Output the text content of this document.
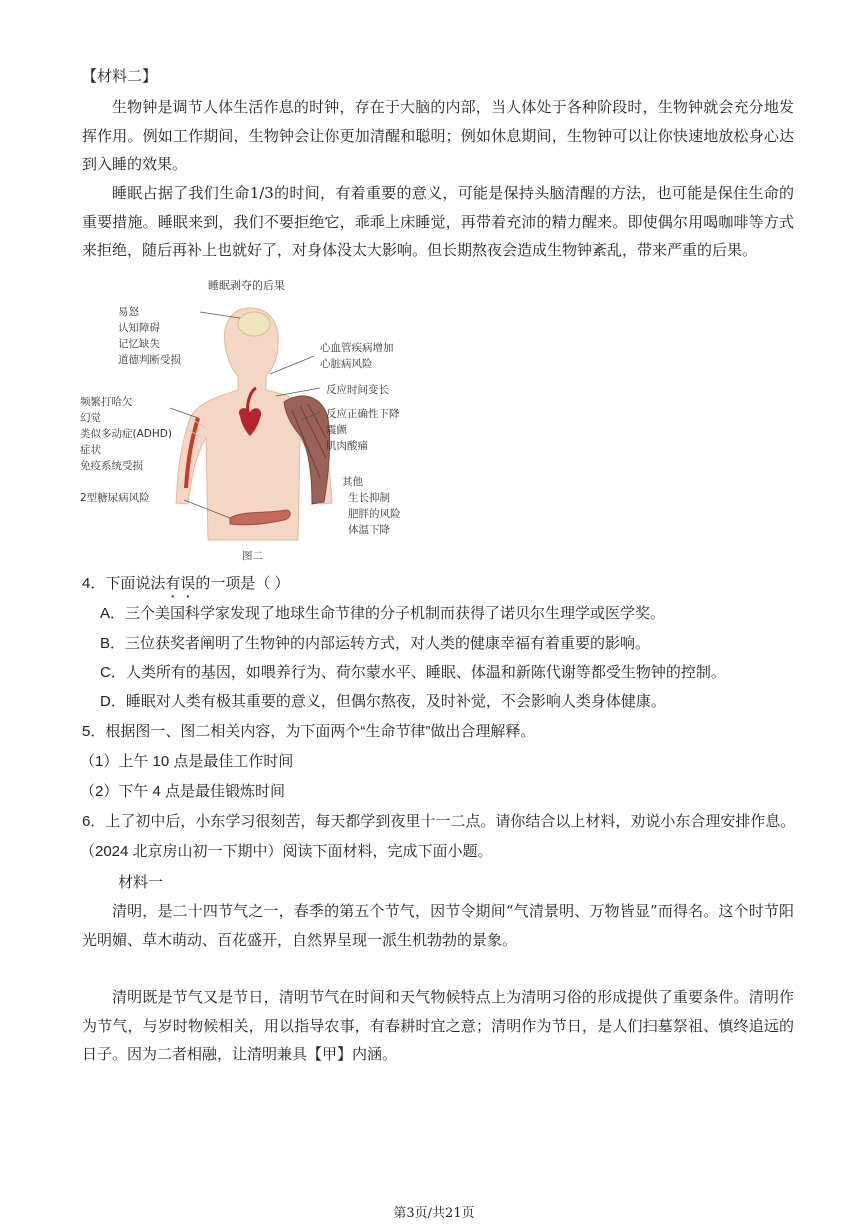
【材料二】

生物钟是调节人体生活作息的时钟，存在于大脑的内部，当人体处于各种阶段时，生物钟就会充分地发挥作用。例如工作期间，生物钟会让你更加清醒和聪明；例如休息期间，生物钟可以让你快速地放松身心达到入睡的效果。

睡眠占据了我们生命1/3的时间，有着重要的意义，可能是保持头脑清醒的方法，也可能是保住生命的重要措施。睡眠来到，我们不要拒绝它，乖乖上床睡觉，再带着充沛的精力醒来。即使偶尔用喝咖啡等方式来拒绝，随后再补上也就好了，对身体没太大影响。但长期熬夜会造成生物钟紊乱，带来严重的后果。

睡眠剥夺的后果
易怒
认知障碍
记忆缺失
道德判断受损
心血管疾病增加
心脏病风险
反应时间变长
反应正确性下降
震颤
肌肉酸痛
频繁打哈欠
幻觉
类似多动症(ADHD)
症状
免疫系统受损
2型糖尿病风险
其他
生长抑制
肥胖的风险
体温下降
图二

4．下面说法有误的一项是（ ）

A．三个美国科学家发现了地球生命节律的分子机制而获得了诺贝尔生理学或医学奖。

B．三位获奖者阐明了生物钟的内部运转方式，对人类的健康幸福有着重要的影响。

C．人类所有的基因，如喂养行为、荷尔蒙水平、睡眠、体温和新陈代谢等都受生物钟的控制。

D．睡眠对人类有极其重要的意义，但偶尔熬夜，及时补觉，不会影响人类身体健康。

5．根据图一、图二相关内容，为下面两个“生命节律”做出合理解释。

（1）上午 10 点是最佳工作时间

（2）下午 4 点是最佳锻炼时间

6．上了初中后，小东学习很刻苦，每天都学到夜里十一二点。请你结合以上材料，劝说小东合理安排作息。

（2024 北京房山初一下期中）阅读下面材料，完成下面小题。

材料一

清明，是二十四节气之一，春季的第五个节气，因节令期间“气清景明、万物皆显”而得名。这个时节阳光明媚、草木萌动、百花盛开，自然界呈现一派生机勃勃的景象。

清明既是节气又是节日，清明节气在时间和天气物候特点上为清明习俗的形成提供了重要条件。清明作为节气，与岁时物候相关，用以指导农事，有春耕时宜之意；清明作为节日，是人们扫墓祭祖、慎终追远的日子。因为二者相融，让清明兼具【甲】内涵。

第3页/共21页
